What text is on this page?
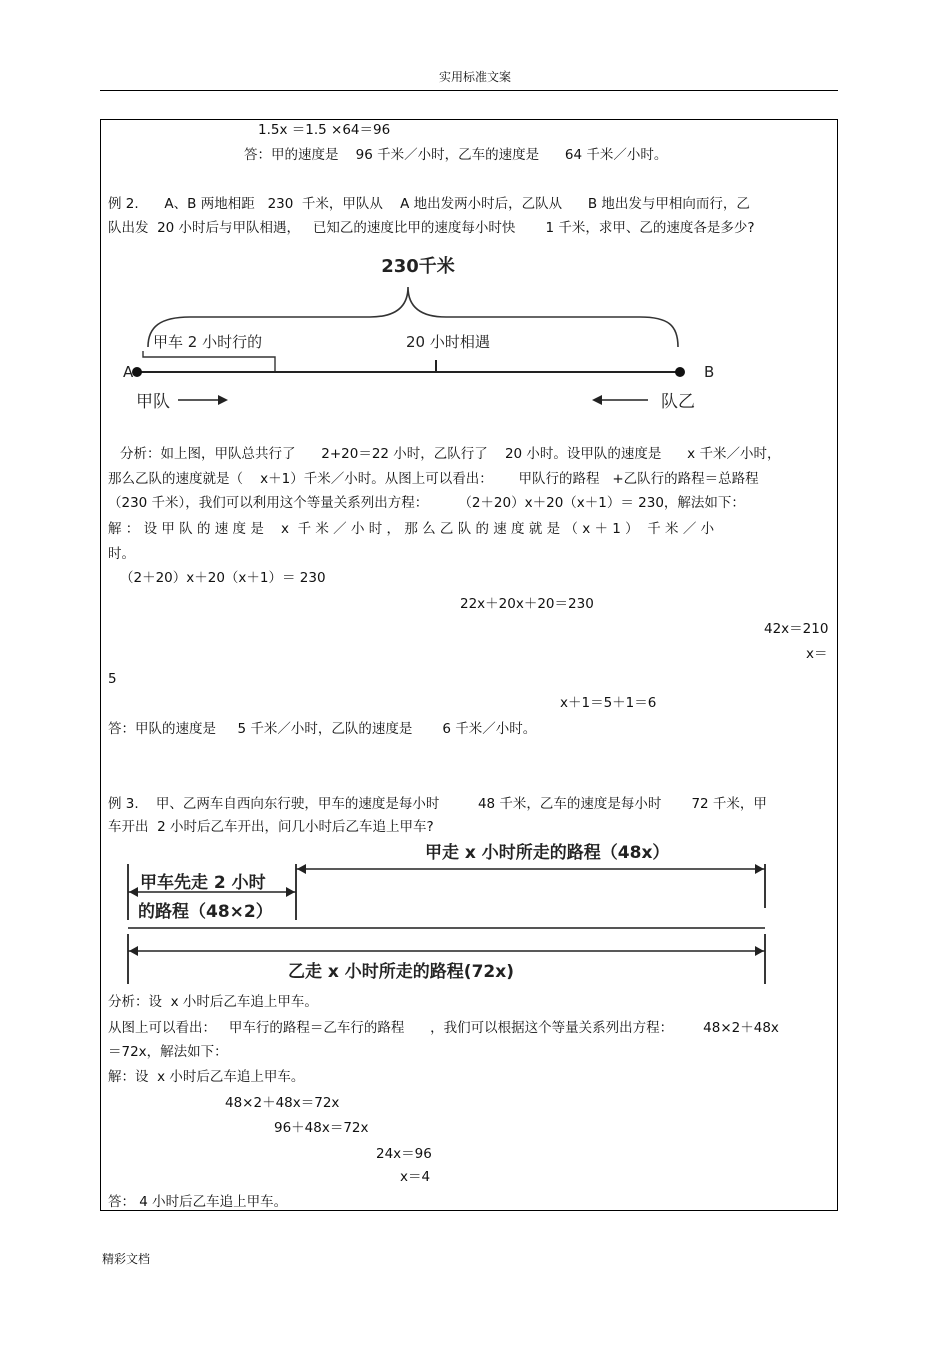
实用标准文案
1.5x ＝1.5 ×64＝96
答：甲的速度是    96 千米／小时，乙车的速度是      64 千米／小时。
例 2.      A、B 两地相距   230  千米，甲队从    A 地出发两小时后，乙队从      B 地出发与甲相向而行，乙
队出发  20 小时后与甲队相遇，   已知乙的速度比甲的速度每小时快       1 千米，求甲、乙的速度各是多少?
230千米
甲车 2 小时行的	20 小时相遇
A	B
甲队	队乙
分析：如上图，甲队总共行了      2+20＝22 小时，乙队行了    20 小时。设甲队的速度是      x 千米／小时，
那么乙队的速度就是（    x＋1）千米／小时。从图上可以看出：      甲队行的路程   +乙队行的路程＝总路程
（230 千米），我们可以利用这个等量关系列出方程：       （2＋20）x＋20（x＋1）＝ 230，解法如下：
解 ： 设 甲 队 的 速 度 是    x  千 米 ／ 小 时 ， 那 么 乙 队 的 速 度 就 是 （ x ＋ 1 ）  千 米 ／ 小
时。
（2＋20）x＋20（x＋1）＝ 230
22x＋20x＋20＝230
42x＝210
x＝
5
x＋1＝5＋1＝6
答：甲队的速度是     5 千米／小时，乙队的速度是       6 千米／小时。
例 3.    甲、乙两车自西向东行驶，甲车的速度是每小时         48 千米，乙车的速度是每小时       72 千米，甲
车开出  2 小时后乙车开出，问几小时后乙车追上甲车?
甲走 x 小时所走的路程（48x）
甲车先走 2 小时
的路程（48×2）
乙走 x 小时所走的路程(72x)
分析：设  x 小时后乙车追上甲车。
从图上可以看出：   甲车行的路程＝乙车行的路程      ，我们可以根据这个等量关系列出方程：       48×2＋48x
＝72x，解法如下：
解：设  x 小时后乙车追上甲车。
48×2＋48x＝72x
96＋48x＝72x
24x＝96
x＝4
答： 4 小时后乙车追上甲车。
精彩文档
